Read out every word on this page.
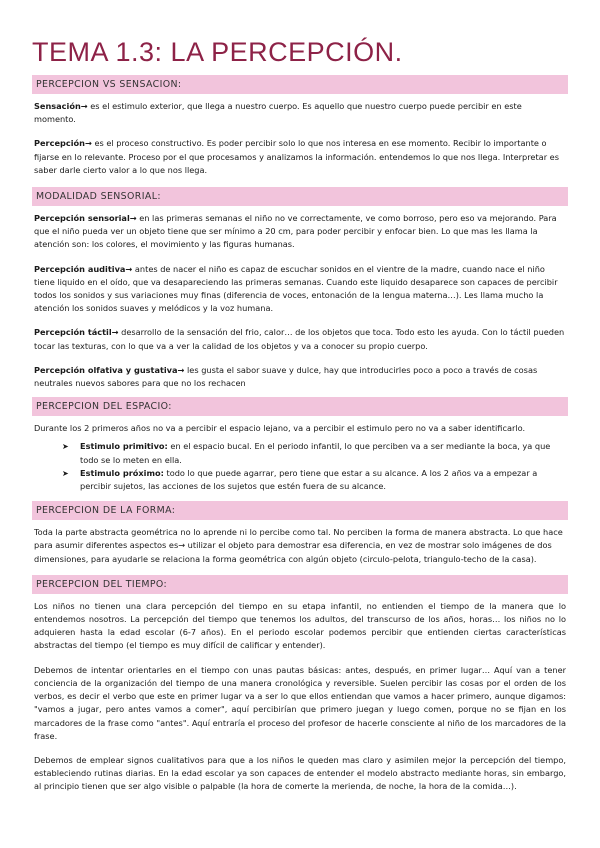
TEMA 1.3: LA PERCEPCIÓN.
PERCEPCION VS SENSACION:

Sensación→ es el estimulo exterior, que llega a nuestro cuerpo. Es aquello que nuestro cuerpo puede percibir en este momento.

Percepción→ es el proceso constructivo. Es poder percibir solo lo que nos interesa en ese momento. Recibir lo importante o fijarse en lo relevante. Proceso por el que procesamos y analizamos la información. entendemos lo que nos llega. Interpretar es saber darle cierto valor a lo que nos llega.

MODALIDAD SENSORIAL:

Percepción sensorial→ en las primeras semanas el niño no ve correctamente, ve como borroso, pero eso va mejorando. Para que el niño pueda ver un objeto tiene que ser mínimo a 20 cm, para poder percibir y enfocar bien. Lo que mas les llama la atención son: los colores, el movimiento y las figuras humanas.

Percepción auditiva→ antes de nacer el niño es capaz de escuchar sonidos en el vientre de la madre, cuando nace el niño tiene liquido en el oído, que va desapareciendo las primeras semanas. Cuando este liquido desaparece son capaces de percibir todos los sonidos y sus variaciones muy finas (diferencia de voces, entonación de la lengua materna…). Les llama mucho la atención los sonidos suaves y melódicos y la voz humana.

Percepción táctil→ desarrollo de la sensación del frio, calor… de los objetos que toca. Todo esto les ayuda. Con lo táctil pueden tocar las texturas, con lo que va a ver la calidad de los objetos y va a conocer su propio cuerpo.

Percepción olfativa y gustativa→ les gusta el sabor suave y dulce, hay que introducirles poco a poco a través de cosas neutrales nuevos sabores para que no los rechacen

PERCEPCION DEL ESPACIO:

Durante los 2 primeros años no va a percibir el espacio lejano, va a percibir el estimulo pero no va a saber identificarlo.

➤ Estimulo primitivo: en el espacio bucal. En el periodo infantil, lo que perciben va a ser mediante la boca, ya que todo se lo meten en ella.
➤ Estimulo próximo: todo lo que puede agarrar, pero tiene que estar a su alcance. A los 2 años va a empezar a percibir sujetos, las acciones de los sujetos que estén fuera de su alcance.
PERCEPCION DE LA FORMA:

Toda la parte abstracta geométrica no lo aprende ni lo percibe como tal. No perciben la forma de manera abstracta. Lo que hace para asumir diferentes aspectos es→ utilizar el objeto para demostrar esa diferencia, en vez de mostrar solo imágenes de dos dimensiones, para ayudarle se relaciona la forma geométrica con algún objeto (circulo-pelota, triangulo-techo de la casa).

PERCEPCION DEL TIEMPO:

Los niños no tienen una clara percepción del tiempo en su etapa infantil, no entienden el tiempo de la manera que lo entendemos nosotros. La percepción del tiempo que tenemos los adultos, del transcurso de los años, horas… los niños no lo adquieren hasta la edad escolar (6-7 años). En el periodo escolar podemos percibir que entienden ciertas características abstractas del tiempo (el tiempo es muy difícil de calificar y entender).

Debemos de intentar orientarles en el tiempo con unas pautas básicas: antes, después, en primer lugar… Aquí van a tener conciencia de la organización del tiempo de una manera cronológica y reversible. Suelen percibir las cosas por el orden de los verbos, es decir el verbo que este en primer lugar va a ser lo que ellos entiendan que vamos a hacer primero, aunque digamos: "vamos a jugar, pero antes vamos a comer", aquí percibirían que primero juegan y luego comen, porque no se fijan en los marcadores de la frase como "antes". Aquí entraría el proceso del profesor de hacerle consciente al niño de los marcadores de la frase.

Debemos de emplear signos cualitativos para que a los niños le queden mas claro y asimilen mejor la percepción del tiempo, estableciendo rutinas diarias. En la edad escolar ya son capaces de entender el modelo abstracto mediante horas, sin embargo, al principio tienen que ser algo visible o palpable (la hora de comerte la merienda, de noche, la hora de la comida…).
